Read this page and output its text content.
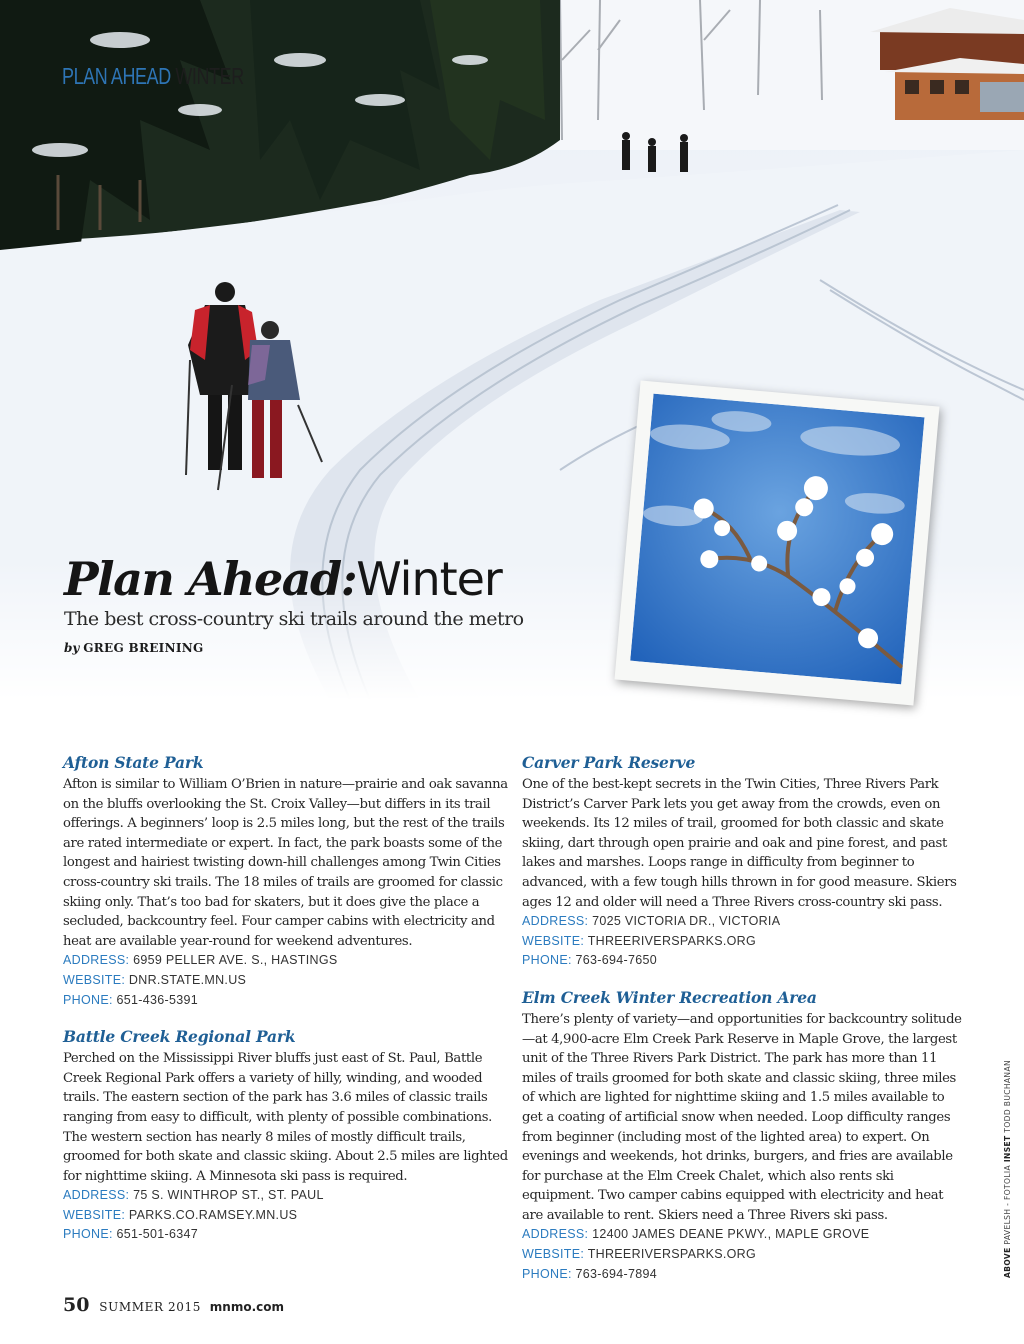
PLAN AHEAD WINTER
Plan Ahead:Winter
The best cross-country ski trails around the metro
by GREG BREINING
Afton State Park

Afton is similar to William O’Brien in nature—prairie and oak savanna on the bluffs overlooking the St. Croix Valley—but differs in its trail offerings. A beginners’ loop is 2.5 miles long, but the rest of the trails are rated intermediate or expert. In fact, the park boasts some of the longest and hairiest twisting down-hill challenges among Twin Cities cross-country ski trails. The 18 miles of trails are groomed for classic skiing only. That’s too bad for skaters, but it does give the place a secluded, backcountry feel. Four camper cabins with electricity and heat are available year-round for weekend adventures.

ADDRESS: 6959 PELLER AVE. S., HASTINGS

WEBSITE: DNR.STATE.MN.US

PHONE: 651-436-5391

Battle Creek Regional Park

Perched on the Mississippi River bluffs just east of St. Paul, Battle Creek Regional Park offers a variety of hilly, winding, and wooded trails. The eastern section of the park has 3.6 miles of classic trails ranging from easy to difficult, with plenty of possible combinations. The western section has nearly 8 miles of mostly difficult trails, groomed for both skate and classic skiing. About 2.5 miles are lighted for nighttime skiing. A Minnesota ski pass is required.

ADDRESS: 75 S. WINTHROP ST., ST. PAUL

WEBSITE: PARKS.CO.RAMSEY.MN.US

PHONE: 651-501-6347

Carver Park Reserve

One of the best-kept secrets in the Twin Cities, Three Rivers Park District’s Carver Park lets you get away from the crowds, even on weekends. Its 12 miles of trail, groomed for both classic and skate skiing, dart through open prairie and oak and pine forest, and past lakes and marshes. Loops range in difficulty from beginner to advanced, with a few tough hills thrown in for good measure. Skiers ages 12 and older will need a Three Rivers cross-country ski pass.

ADDRESS: 7025 VICTORIA DR., VICTORIA

WEBSITE: THREERIVERSPARKS.ORG

PHONE: 763-694-7650

Elm Creek Winter Recreation Area

There’s plenty of variety—and opportunities for backcountry solitude—at 4,900-acre Elm Creek Park Reserve in Maple Grove, the largest unit of the Three Rivers Park District. The park has more than 11 miles of trails groomed for both skate and classic skiing, three miles of which are lighted for nighttime skiing and 1.5 miles available to get a coating of artificial snow when needed. Loop difficulty ranges from beginner (including most of the lighted area) to expert. On evenings and weekends, hot drinks, burgers, and fries are available for purchase at the Elm Creek Chalet, which also rents ski equipment. Two camper cabins equipped with electricity and heat are available to rent. Skiers need a Three Rivers ski pass.

ADDRESS: 12400 JAMES DEANE PKWY., MAPLE GROVE

WEBSITE: THREERIVERSPARKS.ORG

PHONE: 763-694-7894

50 SUMMER 2015 mnmo.com
ABOVE PAVELSH - FOTOLIA INSET TODD BUCHANAN
